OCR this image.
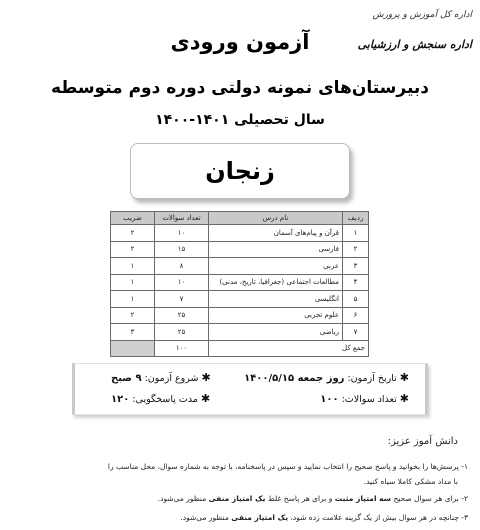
اداره کل آموزش و پرورش
اداره سنجش و ارزشیابی
آزمون ورودی
دبیرستان‌های نمونه دولتی دوره دوم متوسطه
سال تحصیلی ۱۴۰۱-۱۴۰۰
زنجان
ردیف	نام درس	تعداد سوالات	ضریب
۱	قرآن و پیام‌های آسمان	۱۰	۲
۲	فارسی	۱۵	۲
۳	عربی	۸	۱
۴	مطالعات اجتماعی (جغرافیا، تاریخ، مدنی)	۱۰	۱
۵	انگلیسی	۷	۱
۶	علوم تجربی	۲۵	۲
۷	ریاضی	۲۵	۳
جمع کل		۱۰۰	
✱تاریخ آزمون: روز جمعه ۱۴۰۰/۵/۱۵
✱شروع آزمون: ۹ صبح
✱تعداد سوالات: ۱۰۰
✱مدت پاسخگویی: ۱۲۰
دانش آموز عزیز:
۱- پرسش‌ها را بخوانید و پاسخ صحیح را انتخاب نمایید و سپس در پاسخنامه، با توجه به شماره سوال، محل مناسب را
با مداد مشکی کاملا سیاه کنید.
۲- برای هر سوال صحیح سه امتیاز مثبت و برای هر پاسخ غلط یک امتیاز منفی منظور می‌شود.
۳- چنانچه در هر سوال بیش از یک گزینه علامت زده شود، یک امتیاز منفی منظور می‌شود.
